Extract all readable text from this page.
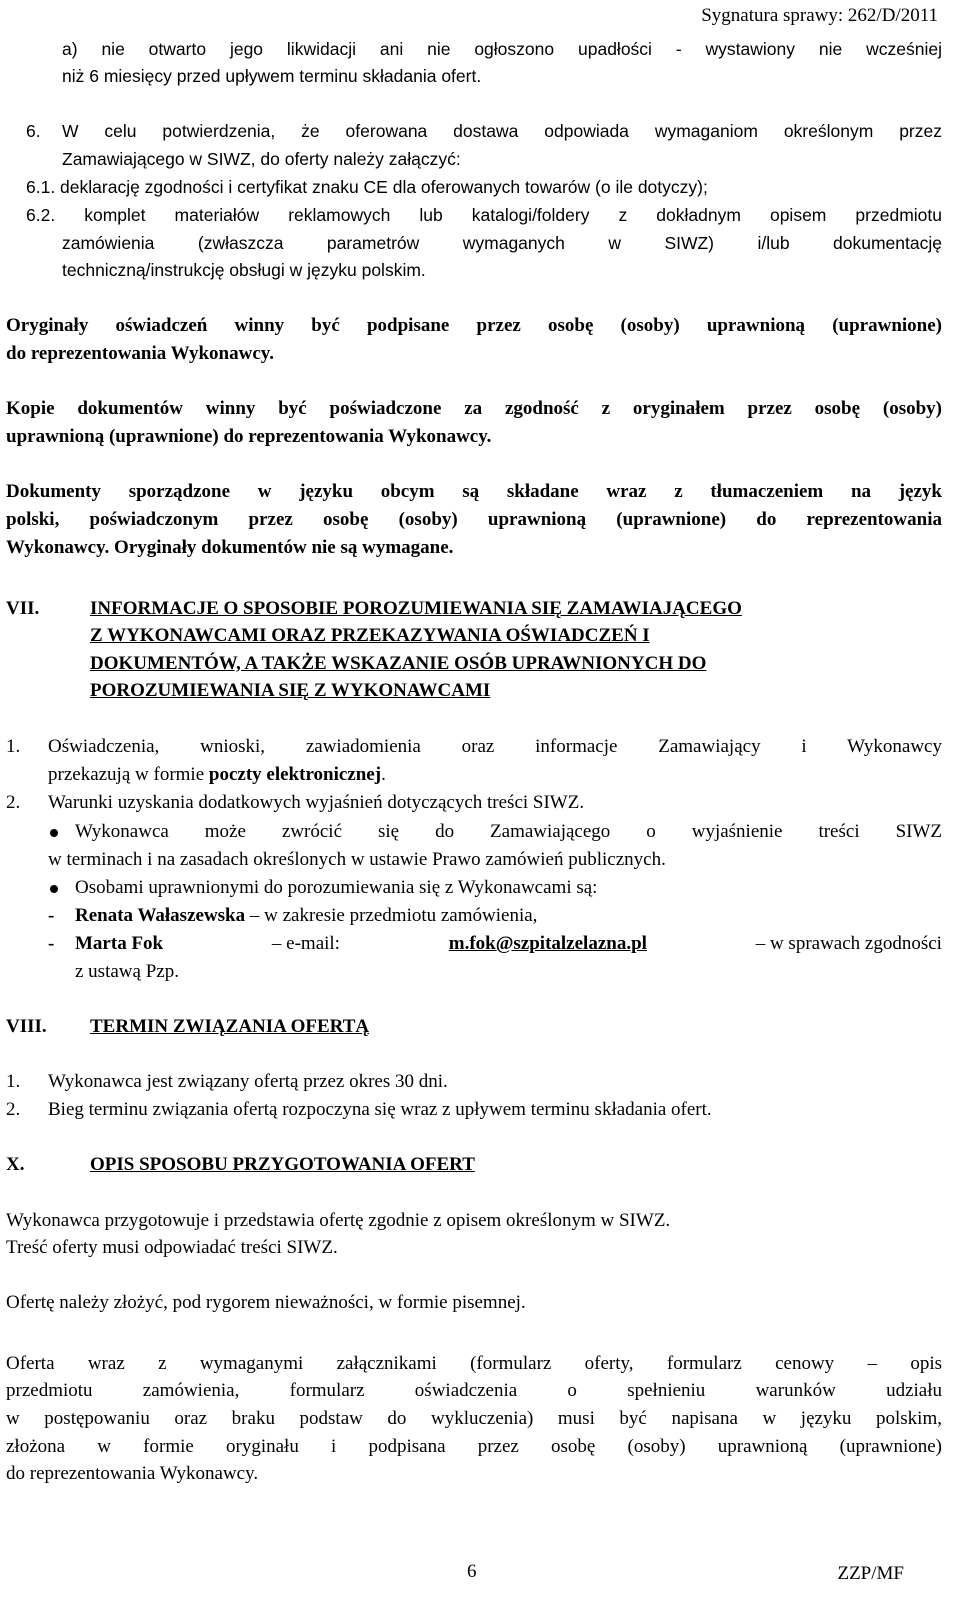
Sygnatura sprawy: 262/D/2011
a) nie otwarto jego likwidacji ani nie ogłoszono upadłości - wystawiony nie wcześniej
niż 6 miesięcy przed upływem terminu składania ofert.
6. W celu potwierdzenia, że oferowana dostawa odpowiada wymaganiom określonym przez
Zamawiającego w SIWZ, do oferty należy załączyć:
6.1. deklarację zgodności i certyfikat znaku CE dla oferowanych towarów (o ile dotyczy);
6.2. komplet materiałów reklamowych lub katalogi/foldery z dokładnym opisem przedmiotu
zamówienia (zwłaszcza parametrów wymaganych w SIWZ) i/lub dokumentację
techniczną/instrukcję obsługi w języku polskim.
Oryginały oświadczeń winny być podpisane przez osobę (osoby) uprawnioną (uprawnione)
do reprezentowania Wykonawcy.
Kopie dokumentów winny być poświadczone za zgodność z oryginałem przez osobę (osoby)
uprawnioną (uprawnione) do reprezentowania Wykonawcy.
Dokumenty sporządzone w języku obcym są składane wraz z tłumaczeniem na język
polski, poświadczonym przez osobę (osoby) uprawnioną (uprawnione) do reprezentowania
Wykonawcy. Oryginały dokumentów nie są wymagane.
VII.	INFORMACJE O SPOSOBIE POROZUMIEWANIA SIĘ ZAMAWIAJĄCEGO
Z WYKONAWCAMI ORAZ PRZEKAZYWANIA OŚWIADCZEŃ I
DOKUMENTÓW, A TAKŻE WSKAZANIE OSÓB UPRAWNIONYCH DO
POROZUMIEWANIA SIĘ Z WYKONAWCAMI
1. Oświadczenia, wnioski, zawiadomienia oraz informacje Zamawiający i Wykonawcy
przekazują w formie poczty elektronicznej.
2. Warunki uzyskania dodatkowych wyjaśnień dotyczących treści SIWZ.
Wykonawca może zwrócić się do Zamawiającego o wyjaśnienie treści SIWZ
w terminach i na zasadach określonych w ustawie Prawo zamówień publicznych.
Osobami uprawnionymi do porozumiewania się z Wykonawcami są:
- Renata Wałaszewska – w zakresie przedmiotu zamówienia,
- Marta Fok	– e-mail:	m.fok@szpitalzelazna.pl	– w sprawach zgodności
z ustawą Pzp.
VIII. TERMIN ZWIĄZANIA OFERTĄ
1. Wykonawca jest związany ofertą przez okres 30 dni.
2. Bieg terminu związania ofertą rozpoczyna się wraz z upływem terminu składania ofert.
X.	OPIS SPOSOBU PRZYGOTOWANIA OFERT
Wykonawca przygotowuje i przedstawia ofertę zgodnie z opisem określonym w SIWZ.
Treść oferty musi odpowiadać treści SIWZ.
Ofertę należy złożyć, pod rygorem nieważności, w formie pisemnej.
Oferta wraz z wymaganymi załącznikami (formularz oferty, formularz cenowy – opis
przedmiotu zamówienia, formularz oświadczenia o spełnieniu warunków udziału
w postępowaniu oraz braku podstaw do wykluczenia) musi być napisana w języku polskim,
złożona w formie oryginału i podpisana przez osobę (osoby) uprawnioną (uprawnione)
do reprezentowania Wykonawcy.
6	ZZP/MF
